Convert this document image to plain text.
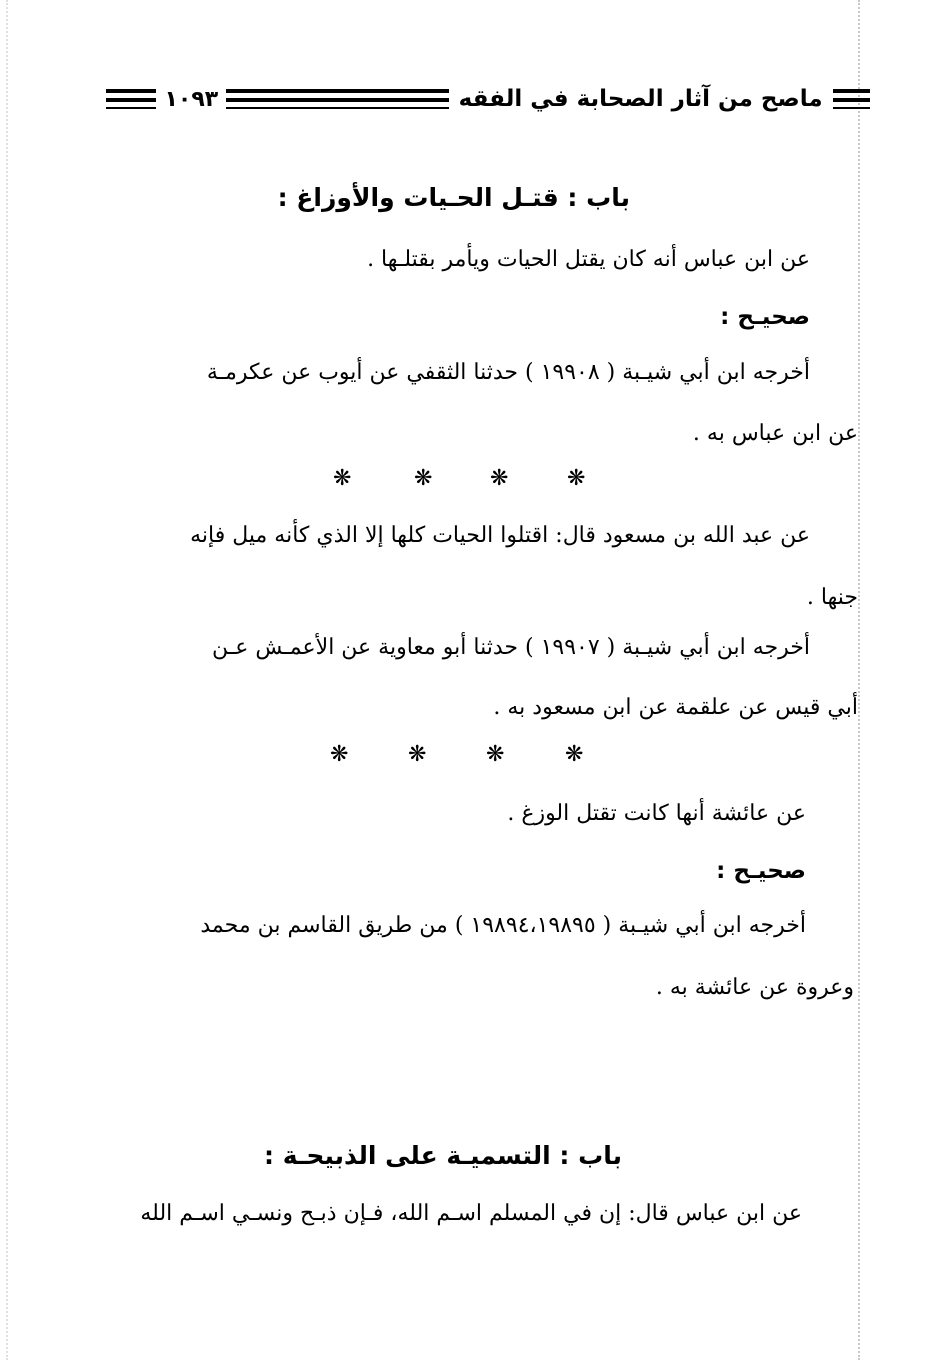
ماصح من آثار الصحابة في الفقه
١٠٩٣
باب : قتـل الحـيات والأوزاغ :
عن ابن عباس أنه كان يقتل الحيات ويأمر بقتلـها .
صحيـح :
أخرجه ابن أبي شيـبة ( ١٩٩٠٨ ) حدثنا الثقفي عن أيوب عن عكرمـة
عن ابن عباس به .
❋	❋	❋	❋
عن عبد الله بن مسعود قال: اقتلوا الحيات كلها إلا الذي كأنه ميل فإنه
جنها .
أخرجه ابن أبي شيـبة ( ١٩٩٠٧ ) حدثنا أبو معاوية عن الأعمـش عـن
أبي قيس عن علقمة عن ابن مسعود به .
❋	❋	❋	❋
عن عائشة أنها كانت تقتل الوزغ .
صحيـح :
أخرجه ابن أبي شيـبة ( ١٩٨٩٤،١٩٨٩٥ ) من طريق القاسم بن محمد
وعروة عن عائشة به .
باب : التسميـة على الذبيحـة :
عن ابن عباس قال: إن في المسلم اسـم الله، فـإن ذبـح ونسـي اسـم الله
